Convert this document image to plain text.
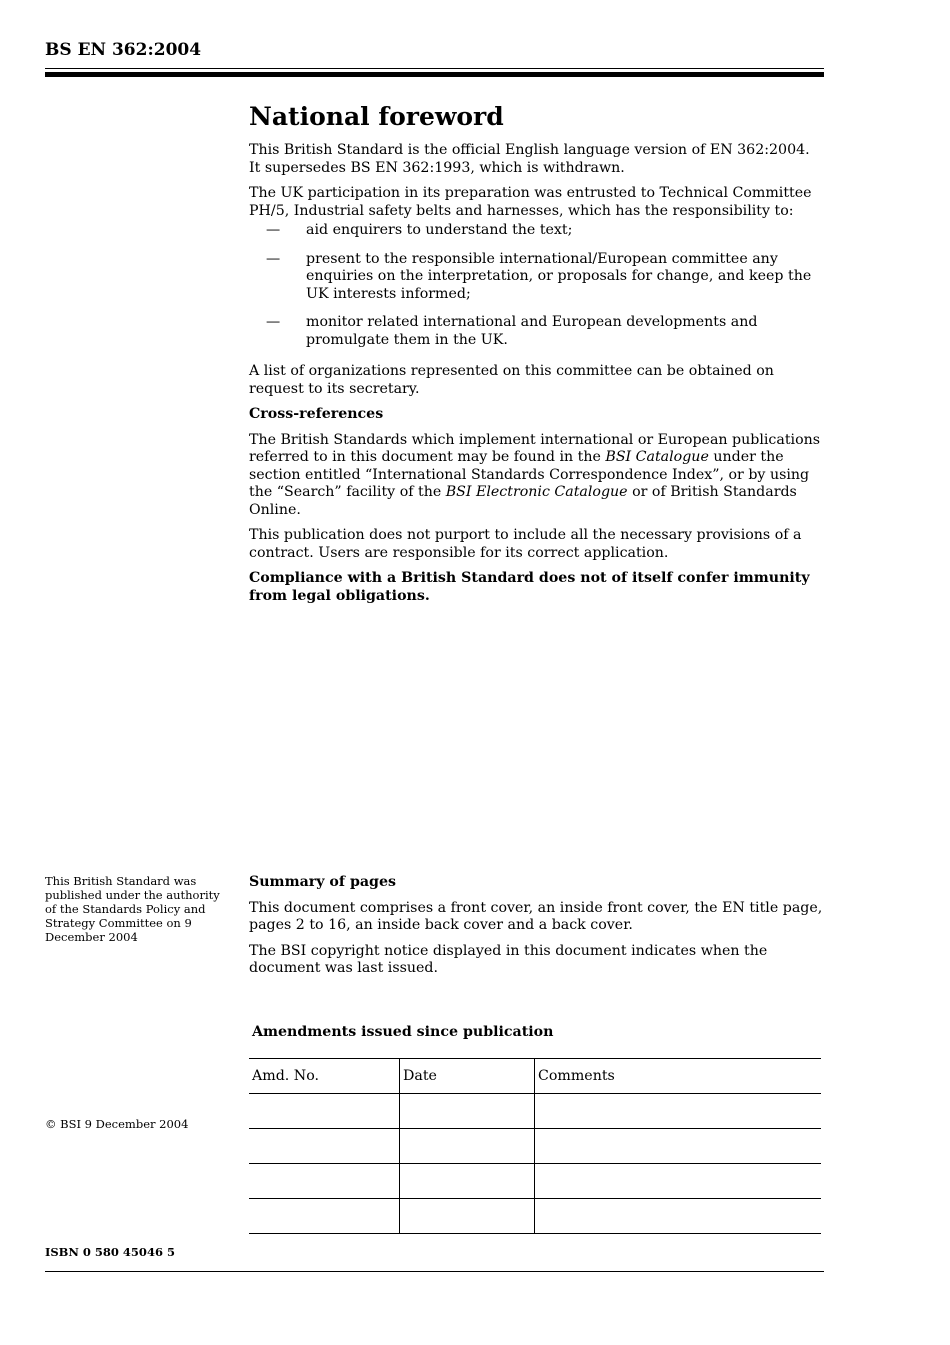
BS EN 362:2004
National foreword

This British Standard is the official English language version of EN 362:2004. It supersedes BS EN 362:1993, which is withdrawn.

The UK participation in its preparation was entrusted to Technical Committee PH/5, Industrial safety belts and harnesses, which has the responsibility to:

— aid enquirers to understand the text;
— present to the responsible international/European committee any enquiries on the interpretation, or proposals for change, and keep the UK interests informed;
— monitor related international and European developments and promulgate them in the UK.

A list of organizations represented on this committee can be obtained on request to its secretary.

Cross-references

The British Standards which implement international or European publications referred to in this document may be found in the BSI Catalogue under the section entitled “International Standards Correspondence Index”, or by using the “Search” facility of the BSI Electronic Catalogue or of British Standards Online.

This publication does not purport to include all the necessary provisions of a contract. Users are responsible for its correct application.

Compliance with a British Standard does not of itself confer immunity from legal obligations.

This British Standard was published under the authority of the Standards Policy and Strategy Committee on 9 December 2004
© BSI 9 December 2004

Summary of pages

This document comprises a front cover, an inside front cover, the EN title page, pages 2 to 16, an inside back cover and a back cover.

The BSI copyright notice displayed in this document indicates when the document was last issued.

Amendments issued since publication
Amd. No.	Date	Comments

ISBN 0 580 45046 5
